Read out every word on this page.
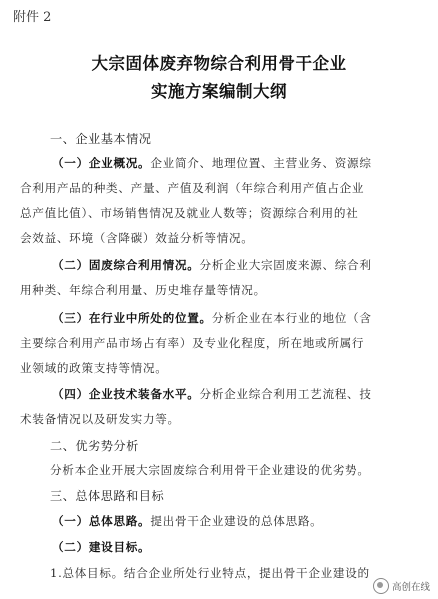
附件 2
大宗固体废弃物综合利用骨干企业
实施方案编制大纲
一、企业基本情况
（一）企业概况。企业简介、地理位置、主营业务、资源综
合利用产品的种类、产量、产值及利润（年综合利用产值占企业
总产值比值）、市场销售情况及就业人数等；资源综合利用的社
会效益、环境（含降碳）效益分析等情况。
（二）固废综合利用情况。分析企业大宗固废来源、综合利
用种类、年综合利用量、历史堆存量等情况。
（三）在行业中所处的位置。分析企业在本行业的地位（含
主要综合利用产品市场占有率）及专业化程度，所在地或所属行
业领域的政策支持等情况。
（四）企业技术装备水平。分析企业综合利用工艺流程、技
术装备情况以及研发实力等。
二、优劣势分析
分析本企业开展大宗固废综合利用骨干企业建设的优劣势。
三、总体思路和目标
（一）总体思路。提出骨干企业建设的总体思路。
（二）建设目标。
1.总体目标。结合企业所处行业特点，提出骨干企业建设的
高创在线
